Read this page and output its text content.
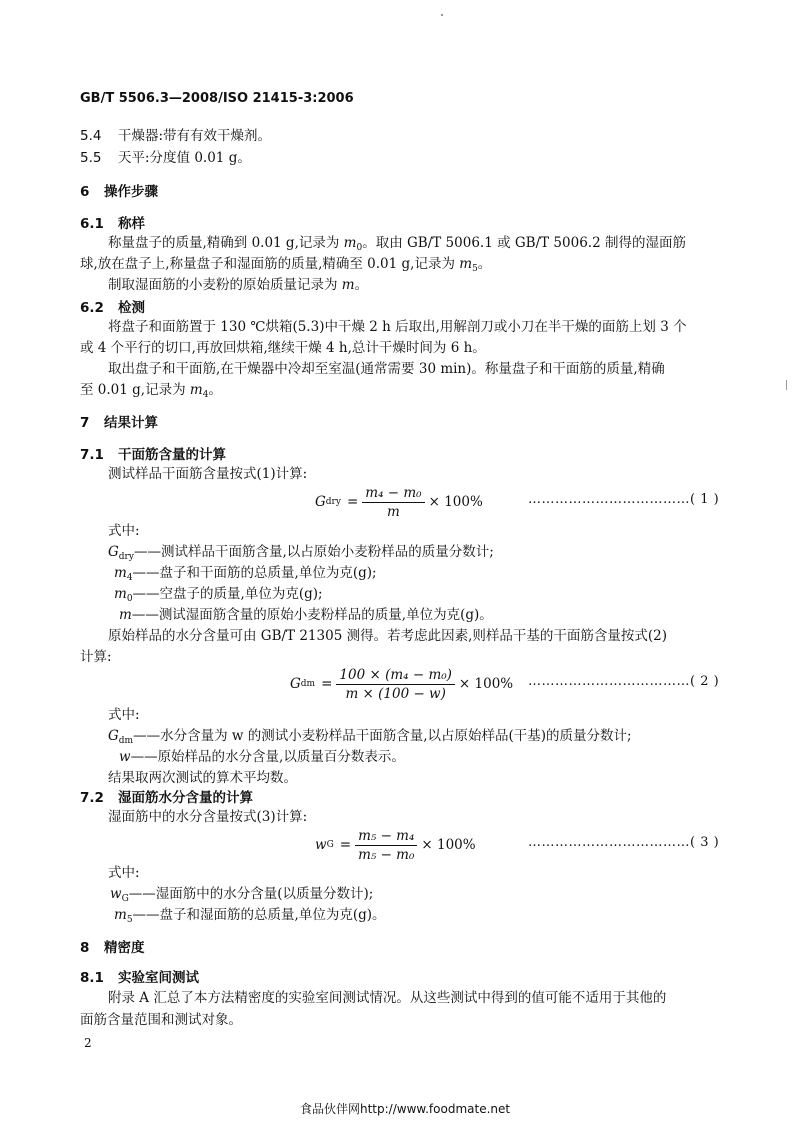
GB/T 5506.3—2008/ISO 21415-3:2006
5.4 干燥器:带有有效干燥剂。
5.5 天平:分度值 0.01 g。
6 操作步骤
6.1 称样
称量盘子的质量,精确到 0.01 g,记录为 $m_0$。取由 GB/T 5006.1 或 GB/T 5006.2 制得的湿面筋
球,放在盘子上,称量盘子和湿面筋的质量,精确至 0.01 g,记录为 $m_5$。
制取湿面筋的小麦粉的原始质量记录为 m。
6.2 检测
将盘子和面筋置于 130 ℃烘箱(5.3)中干燥 2 h 后取出,用解剖刀或小刀在半干燥的面筋上划 3 个
或 4 个平行的切口,再放回烘箱,继续干燥 4 h,总计干燥时间为 6 h。
取出盘子和干面筋,在干燥器中冷却至室温(通常需要 30 min)。称量盘子和干面筋的质量,精确
至 0.01 g,记录为 $m_4$。
7 结果计算
7.1 干面筋含量的计算
测试样品干面筋含量按式(1)计算:
G dry = $\frac{\text{m₄ − m₀}}{m} \times 100\%$	………………………………( 1 )
式中:
$G_{dry}——$测试样品干面筋含量,以占原始小麦粉样品的质量分数计;
$m_4——$盘子和干面筋的总质量,单位为克(g);
$m_0——$空盘子的质量,单位为克(g);
m——测试湿面筋含量的原始小麦粉样品的质量,单位为克(g)。
原始样品的水分含量可由 GB/T 21305 测得。若考虑此因素,则样品干基的干面筋含量按式(2)
计算:
G dm = $\frac{\text{100 × (m₄ − m₀)}}{m \times (100 - w)} \times 100\%$ ………………………………( 2 )
式中:
$G_{dm}——$水分含量为 w 的测试小麦粉样品干面筋含量,以占原始样品(干基)的质量分数计;
w——原始样品的水分含量,以质量百分数表示。
结果取两次测试的算术平均数。
7.2 湿面筋水分含量的计算
湿面筋中的水分含量按式(3)计算:
w $G = \frac{\text{m₅ − m₄}}{\text{m₅ − m₀}} \times 100\%$	………………………………( 3 )
式中:
$w_G——$湿面筋中的水分含量(以质量分数计);
$m_5——$盘子和湿面筋的总质量,单位为克(g)。
8 精密度
8.1 实验室间测试
附录 A 汇总了本方法精密度的实验室间测试情况。从这些测试中得到的值可能不适用于其他的
面筋含量范围和测试对象。
2
食品伙伴网http://www.foodmate.net
